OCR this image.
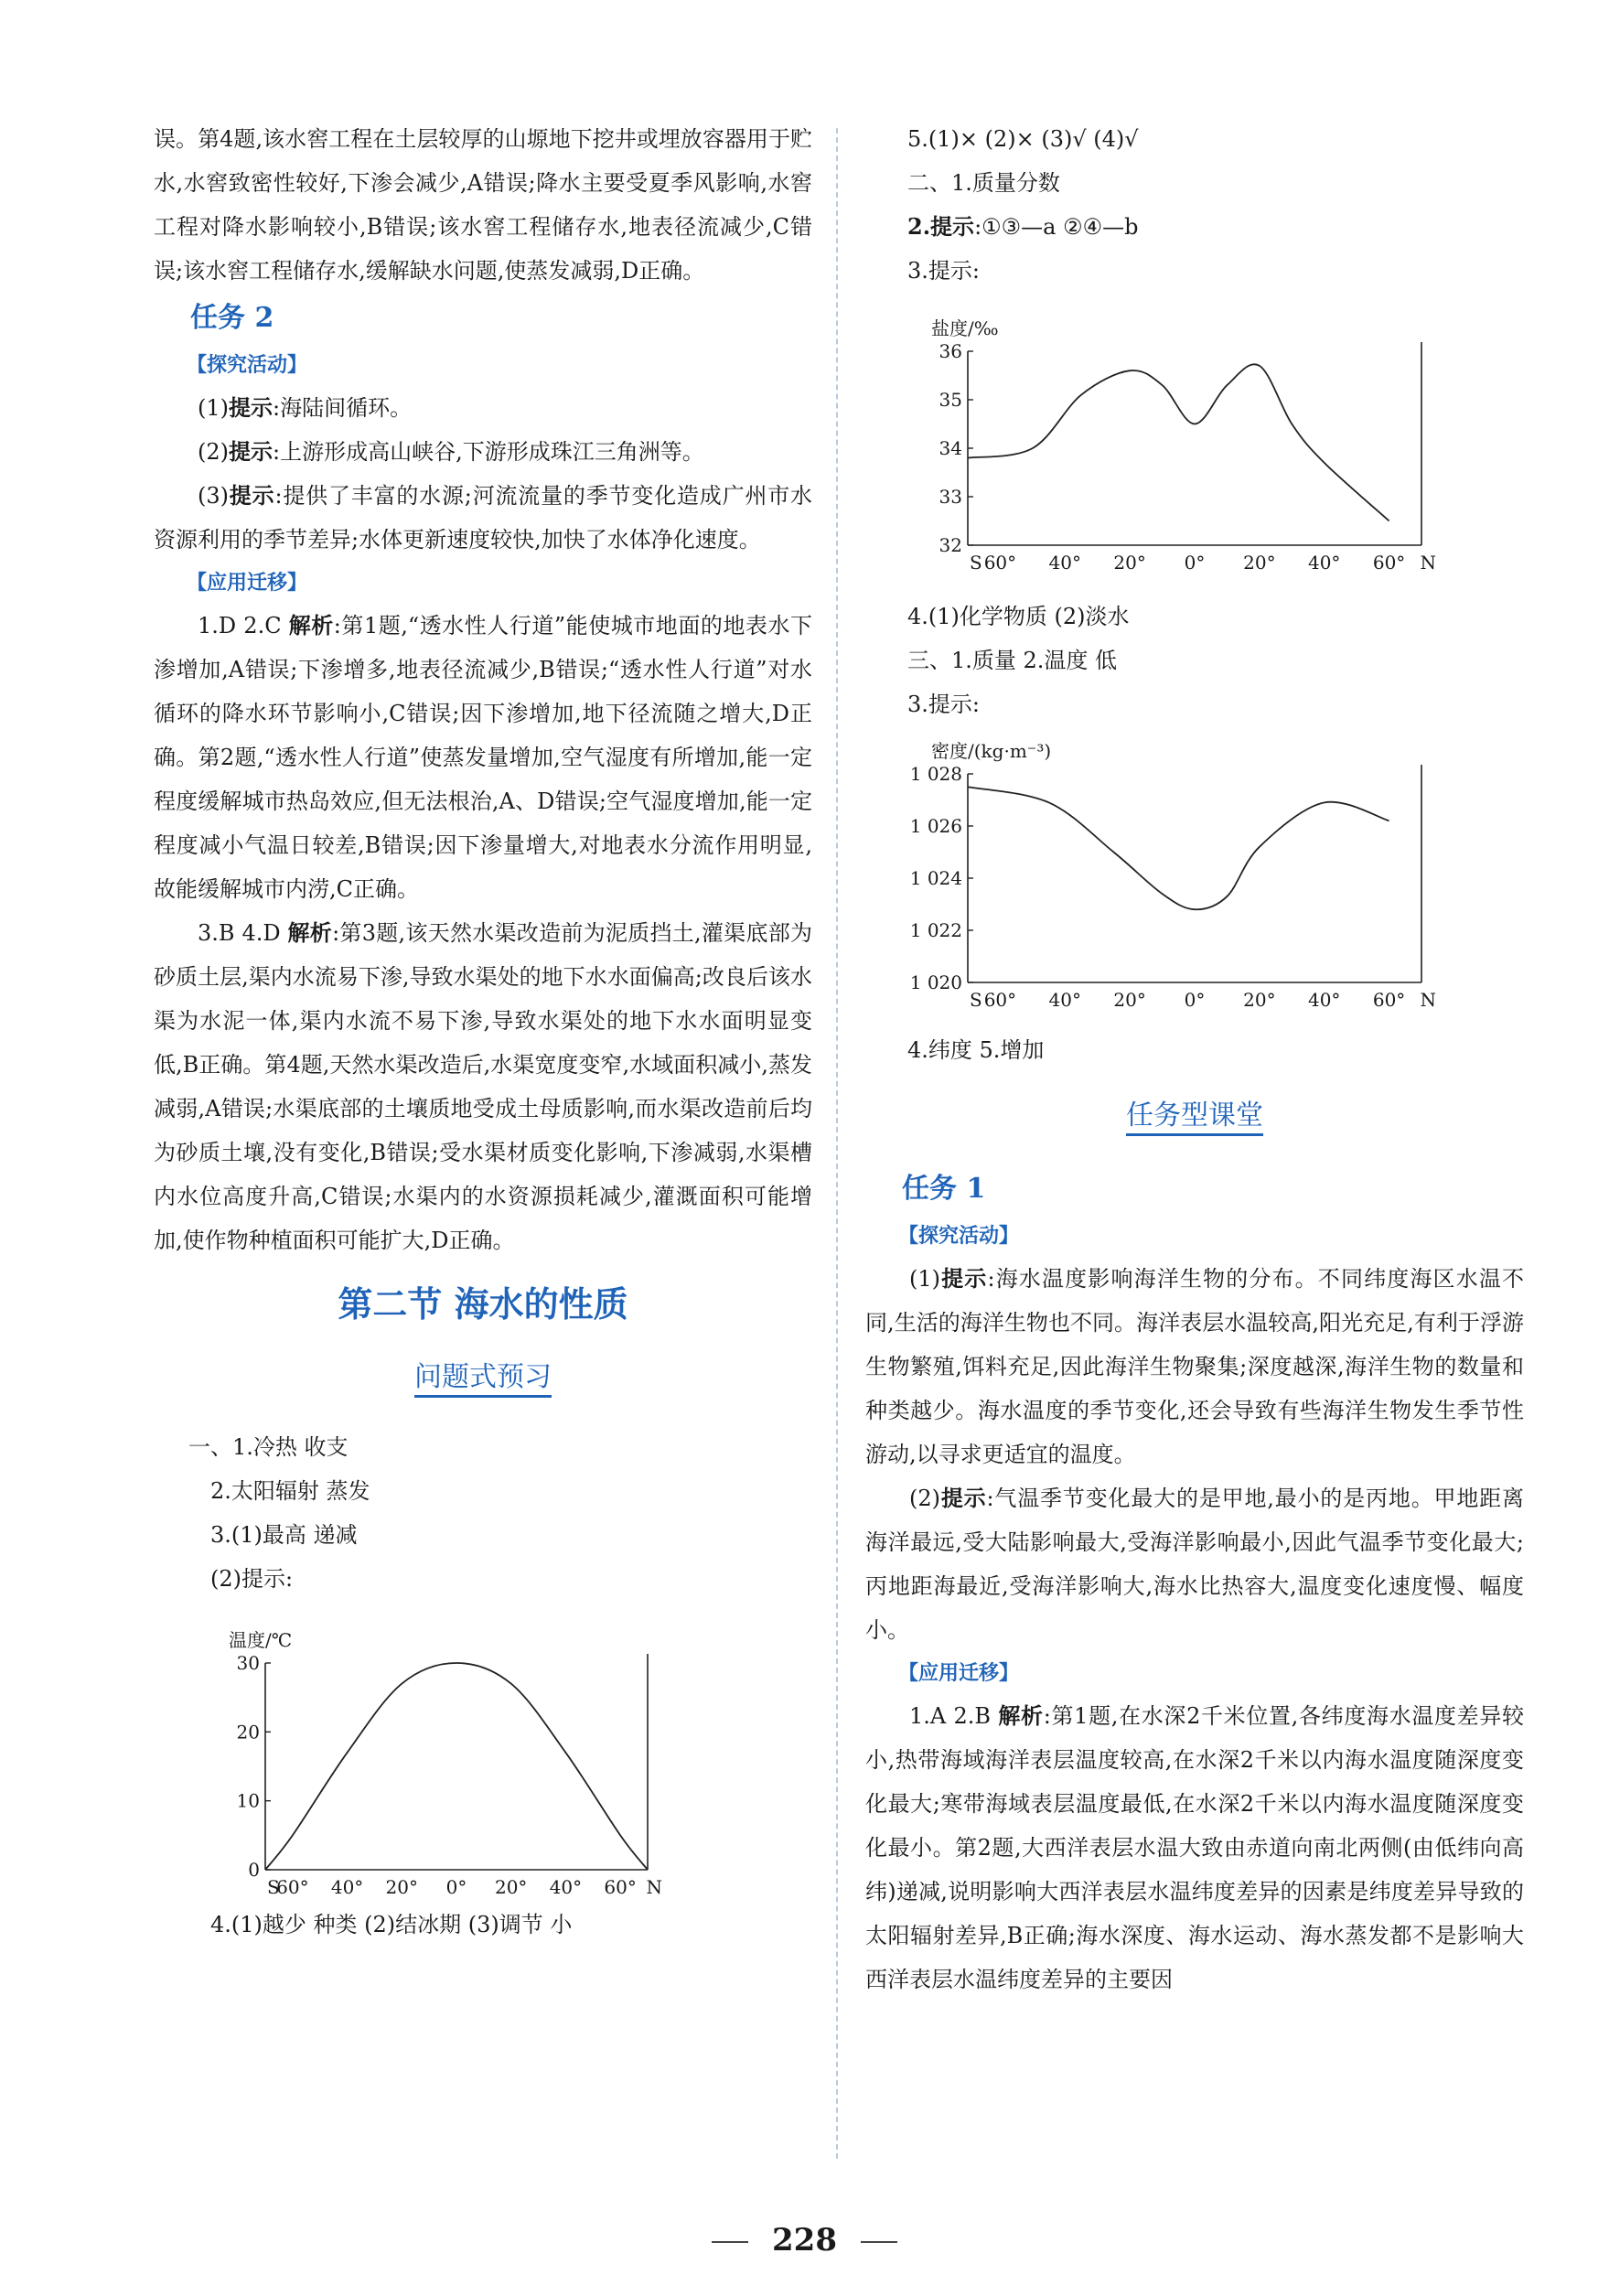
误。第4题,该水窖工程在土层较厚的山塬地下挖井或埋放容器用于贮水,水窖致密性较好,下渗会减少,A错误;降水主要受夏季风影响,水窖工程对降水影响较小,B错误;该水窖工程储存水,地表径流减少,C错误;该水窖工程储存水,缓解缺水问题,使蒸发减弱,D正确。

任务 2
【探究活动】

(1)提示:海陆间循环。

(2)提示:上游形成高山峡谷,下游形成珠江三角洲等。

(3)提示:提供了丰富的水源;河流流量的季节变化造成广州市水资源利用的季节差异;水体更新速度较快,加快了水体净化速度。

【应用迁移】

1.D 2.C 解析:第1题,“透水性人行道”能使城市地面的地表水下渗增加,A错误;下渗增多,地表径流减少,B错误;“透水性人行道”对水循环的降水环节影响小,C错误;因下渗增加,地下径流随之增大,D正确。第2题,“透水性人行道”使蒸发量增加,空气湿度有所增加,能一定程度缓解城市热岛效应,但无法根治,A、D错误;空气湿度增加,能一定程度减小气温日较差,B错误;因下渗量增大,对地表水分流作用明显,故能缓解城市内涝,C正确。

3.B 4.D 解析:第3题,该天然水渠改造前为泥质挡土,灌渠底部为砂质土层,渠内水流易下渗,导致水渠处的地下水水面偏高;改良后该水渠为水泥一体,渠内水流不易下渗,导致水渠处的地下水水面明显变低,B正确。第4题,天然水渠改造后,水渠宽度变窄,水域面积减小,蒸发减弱,A错误;水渠底部的土壤质地受成土母质影响,而水渠改造前后均为砂质土壤,没有变化,B错误;受水渠材质变化影响,下渗减弱,水渠槽内水位高度升高,C错误;水渠内的水资源损耗减少,灌溉面积可能增加,使作物种植面积可能扩大,D正确。

第二节 海水的性质
问题式预习

一、1.冷热 收支

2.太阳辐射 蒸发

3.(1)最高 递减

(2)提示:

温度/℃
0
10
20
30
S
60° 40° 20° 0° 20° 40° 60° N

4.(1)越少 种类 (2)结冰期 (3)调节 小

5.(1)× (2)× (3)√ (4)√

二、1.质量分数

2.提示:①③—a ②④—b

3.提示:

盐度/‰
32
33
34
35
36
S 60° 40° 20° 0° 20° 40° 60° N

4.(1)化学物质 (2)淡水

三、1.质量 2.温度 低

3.提示:

密度/(kg·m⁻³)
1 020
1 022
1 024
1 026
1 028
S 60° 40° 20° 0° 20° 40° 60° N

4.纬度 5.增加

任务型课堂
任务 1
【探究活动】

(1)提示:海水温度影响海洋生物的分布。不同纬度海区水温不同,生活的海洋生物也不同。海洋表层水温较高,阳光充足,有利于浮游生物繁殖,饵料充足,因此海洋生物聚集;深度越深,海洋生物的数量和种类越少。海水温度的季节变化,还会导致有些海洋生物发生季节性游动,以寻求更适宜的温度。

(2)提示:气温季节变化最大的是甲地,最小的是丙地。甲地距离海洋最远,受大陆影响最大,受海洋影响最小,因此气温季节变化最大;丙地距海最近,受海洋影响大,海水比热容大,温度变化速度慢、幅度小。

【应用迁移】

1.A 2.B 解析:第1题,在水深2千米位置,各纬度海水温度差异较小,热带海域海洋表层温度较高,在水深2千米以内海水温度随深度变化最大;寒带海域表层温度最低,在水深2千米以内海水温度随深度变化最小。第2题,大西洋表层水温大致由赤道向南北两侧(由低纬向高纬)递减,说明影响大西洋表层水温纬度差异的因素是纬度差异导致的太阳辐射差异,B正确;海水深度、海水运动、海水蒸发都不是影响大西洋表层水温纬度差异的主要因

228
